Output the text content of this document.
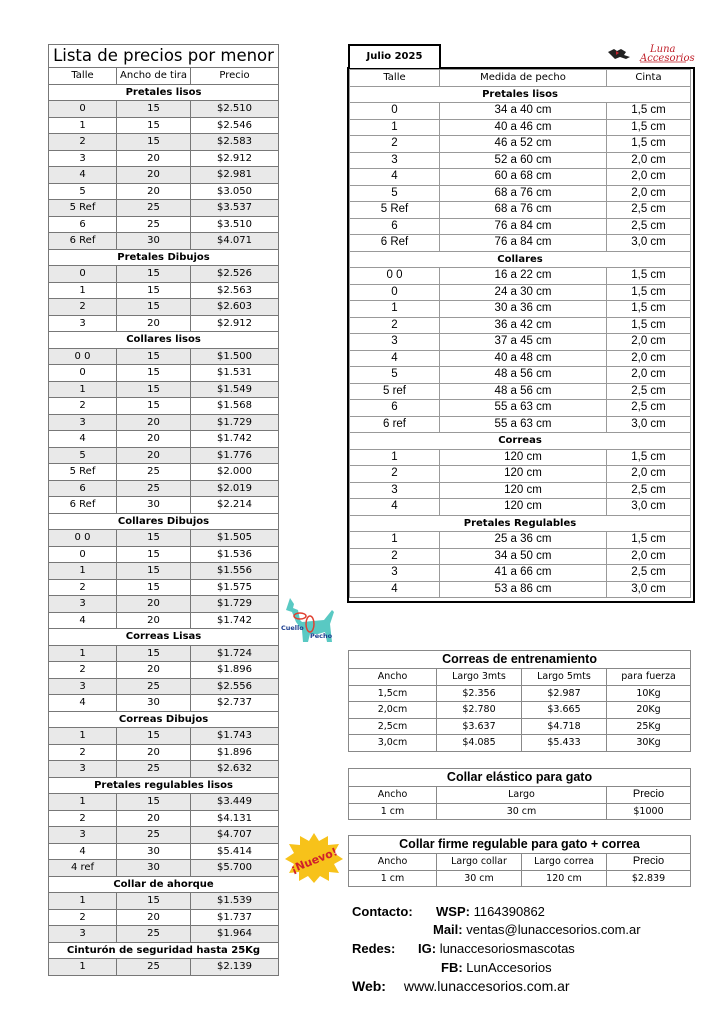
Lista de precios por menor		
Talle	Ancho de tira	Precio
Pretales lisos		
0	15	$2.510
1	15	$2.546
2	15	$2.583
3	20	$2.912
4	20	$2.981
5	20	$3.050
5 Ref	25	$3.537
6	25	$3.510
6 Ref	30	$4.071
Pretales Dibujos		
0	15	$2.526
1	15	$2.563
2	15	$2.603
3	20	$2.912
Collares lisos		
0 0	15	$1.500
0	15	$1.531
1	15	$1.549
2	15	$1.568
3	20	$1.729
4	20	$1.742
5	20	$1.776
5 Ref	25	$2.000
6	25	$2.019
6 Ref	30	$2.214
Collares Dibujos		
0 0	15	$1.505
0	15	$1.536
1	15	$1.556
2	15	$1.575
3	20	$1.729
4	20	$1.742
Correas Lisas		
1	15	$1.724
2	20	$1.896
3	25	$2.556
4	30	$2.737
Correas Dibujos		
1	15	$1.743
2	20	$1.896
3	25	$2.632
Pretales regulables lisos		
1	15	$3.449
2	20	$4.131
3	25	$4.707
4	30	$5.414
4 ref	30	$5.700
Collar de ahorque		
1	15	$1.539
2	20	$1.737
3	25	$1.964
Cinturón de seguridad hasta 25Kg		
1	25	$2.139
Julio 2025
Luna
Accesorios
Talle	Medida de pecho	Cinta
Pretales lisos		
0	34 a 40 cm	1,5 cm
1	40 a 46 cm	1,5 cm
2	46 a 52 cm	1,5 cm
3	52 a 60 cm	2,0 cm
4	60 a 68 cm	2,0 cm
5	68 a 76 cm	2,0 cm
5 Ref	68 a 76 cm	2,5 cm
6	76 a 84 cm	2,5 cm
6 Ref	76 a 84 cm	3,0 cm
Collares		
0 0	16 a 22 cm	1,5 cm
0	24 a 30 cm	1,5 cm
1	30 a 36 cm	1,5 cm
2	36 a 42 cm	1,5 cm
3	37 a 45 cm	2,0 cm
4	40 a 48 cm	2,0 cm
5	48 a 56 cm	2,0 cm
5 ref	48 a 56 cm	2,5 cm
6	55 a 63 cm	2,5 cm
6 ref	55 a 63 cm	3,0 cm
Correas		
1	120 cm	1,5 cm
2	120 cm	2,0 cm
3	120 cm	2,5 cm
4	120 cm	3,0 cm
Pretales Regulables		
1	25 a 36 cm	1,5 cm
2	34 a 50 cm	2,0 cm
3	41 a 66 cm	2,5 cm
4	53 a 86 cm	3,0 cm
Cuello
Pecho
Correas de entrenamiento			
Ancho	Largo 3mts	Largo 5mts	para fuerza
1,5cm	$2.356	$2.987	10Kg
2,0cm	$2.780	$3.665	20Kg
2,5cm	$3.637	$4.718	25Kg
3,0cm	$4.085	$5.433	30Kg
Collar elástico para gato		
Ancho	Largo	Precio
1 cm	30 cm	$1000
¡Nuevo!
Collar firme regulable para gato + correa			
Ancho	Largo collar	Largo correa	Precio
1 cm	30 cm	120 cm	$2.839
Contacto: WSP: 1164390862
Mail: ventas@lunaccesorios.com.ar
Redes: IG: lunaccesoriosmascotas
FB: LunAccesorios
Web: www.lunaccesorios.com.ar
